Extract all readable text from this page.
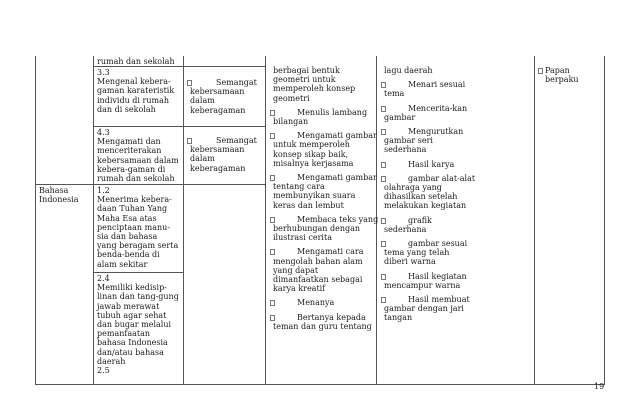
Bahasa
Indonesia
rumah dan sekolah
3.3
Mengenal kebera-
gaman karateristik
individu di rumah
dan di sekolah
4.3
Mengamati dan
menceriterakan
kebersamaan dalam
kebera-gaman di
rumah dan sekolah
1.2
Menerima kebera-
daan Tuhan Yang
Maha Esa atas
penciptaan manu-
sia dan bahasa
yang beragam serta
benda-benda di
alam sekitar
2.4
Memiliki kedisip-
linan dan tang-gung
jawab merawat
tubuh agar sehat
dan bugar melalui
pemanfaatan
bahasa Indonesia
dan/atau bahasa
daerah
2.5
Semangat
kebersamaan
dalam
keberagaman
Semangat
kebersamaan
dalam
keberagaman
berbagai bentuk
geometri untuk
memperoleh konsep
geometri
Menulis lambang
bilangan
Mengamati gambar
untuk memperoleh
konsep sikap baik,
misalnya kerjasama
Mengamati gambar
tentang cara
membunyikan suara
keras dan lembut
Membaca teks yang
berhubungan dengan
ilustrasi cerita
Mengamati cara
mengolah bahan alam
yang dapat
dimanfaatkan sebagai
karya kreatif
Menanya
Bertanya kepada
teman dan guru tentang
lagu daerah
Menari sesuai
tema
Mencerita-kan
gambar
Mengurutkan
gambar seri
sederhana
Hasil karya
gambar alat-alat
olahraga yang
dihasilkan setelah
melakukan kegiatan
grafik
sederhana
gambar sesuai
tema yang telah
diberi warna
Hasil kegiatan
mencampur warna
Hasil membuat
gambar dengan jari
tangan
Papan
berpaku
19
